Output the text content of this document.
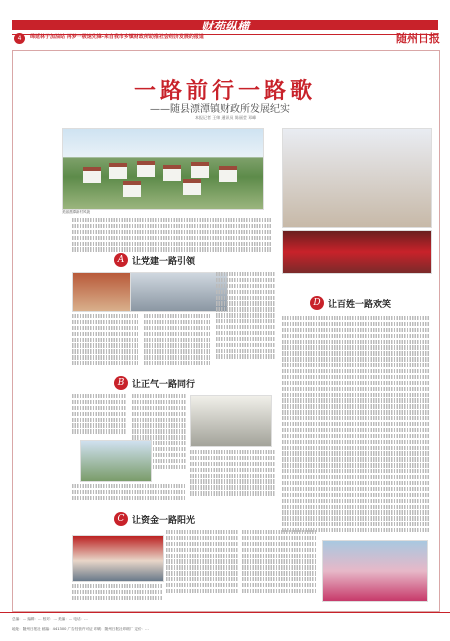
财苑纵横
4	绵延林子加油站 再梦一极速先锋-来自我市乡镇财政所助推社会经济发展的报道	随州日报
一路前行一路歌
——随县漂潭镇财政所发展纪实
本报记者 王帅 通讯员 陈丽莹 邓峰
美丽漂潭新村风貌
A 让党建一路引领
D 让百姓一路欢笑
B 让正气一路同行
C 让资金一路阳光
总编：... 编辑：... 校对：... 美编：... 电话：...
地址：随州日报社 邮编：441300 广告经营许可证 印刷：随州日报社印刷厂 定价：...
